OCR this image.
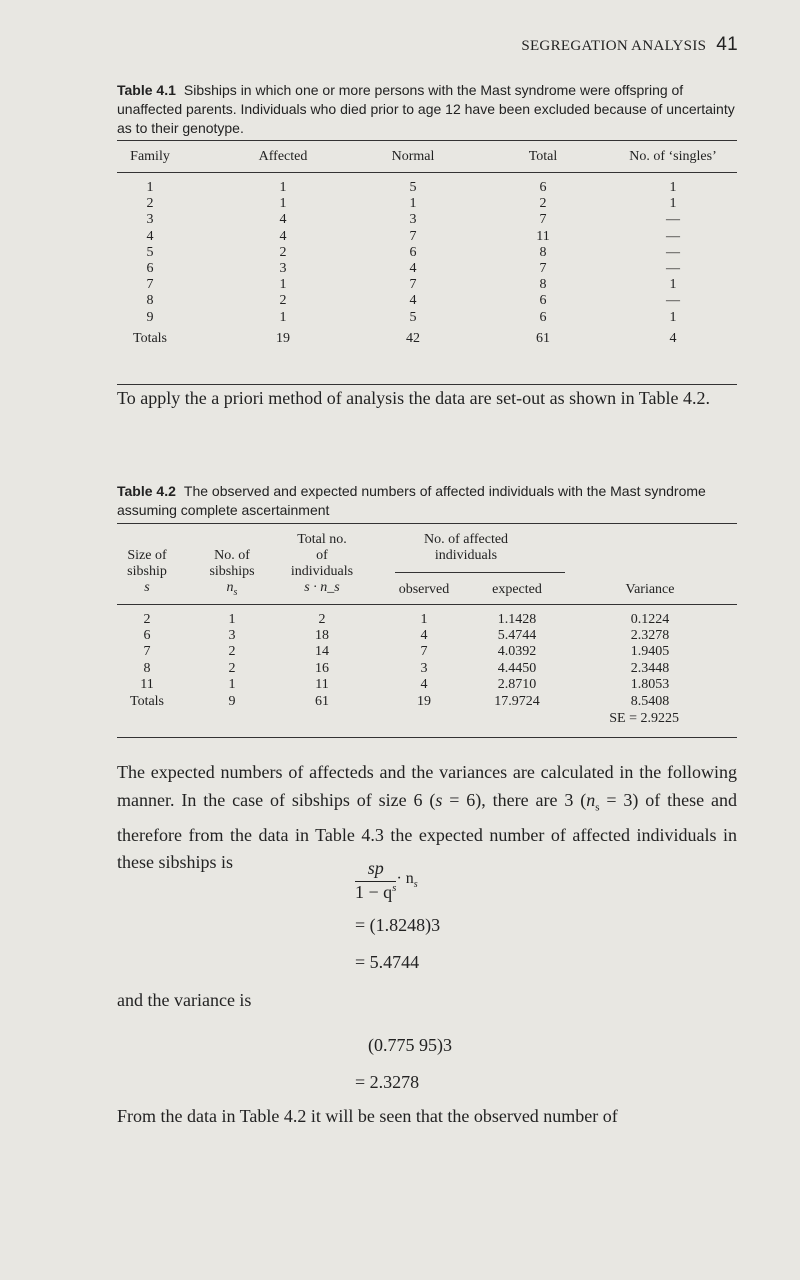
SEGREGATION ANALYSIS 41
Table 4.1 Sibships in which one or more persons with the Mast syndrome were offspring of unaffected parents. Individuals who died prior to age 12 have been excluded because of uncertainty as to their genotype.
Family	Affected	Normal	Total	No. of ‘singles’
1	1	5	6	1
2	1	1	2	1
3	4	3	7	—
4	4	7	11	—
5	2	6	8	—
6	3	4	7	—
7	1	7	8	1
8	2	4	6	—
9	1	5	6	1
Totals	19	42	61	4
To apply the a priori method of analysis the data are set-out as shown in Table 4.2.
Table 4.2 The observed and expected numbers of affected individuals with the Mast syndrome assuming complete ascertainment
Size of
sibship
s
No. of
sibships
$n_s$
Total no.
of
individuals
s · n_s
No. of affected
individuals
observed	expected	Variance
2	1	2	1	1.1428	0.1224
6	3	18	4	5.4744	2.3278
7	2	14	7	4.0392	1.9405
8	2	16	3	4.4450	2.3448
11	1	11	4	2.8710	1.8053
Totals	9	61	19	17.9724	8.5408
SE = 2.9225
The expected numbers of affecteds and the variances are calculated in the following manner. In the case of sibships of size 6 (s = 6), there are 3 $(n_s = 3)$ of these and therefore from the data in Table 4.3 the expected number of affected individuals in these sibships is	$\frac{sp}{1 - q^s} \cdot n_s$
= (1.8248)3
= 5.4744
and the variance is
(0.775 95)3
= 2.3278
From the data in Table 4.2 it will be seen that the observed number of
